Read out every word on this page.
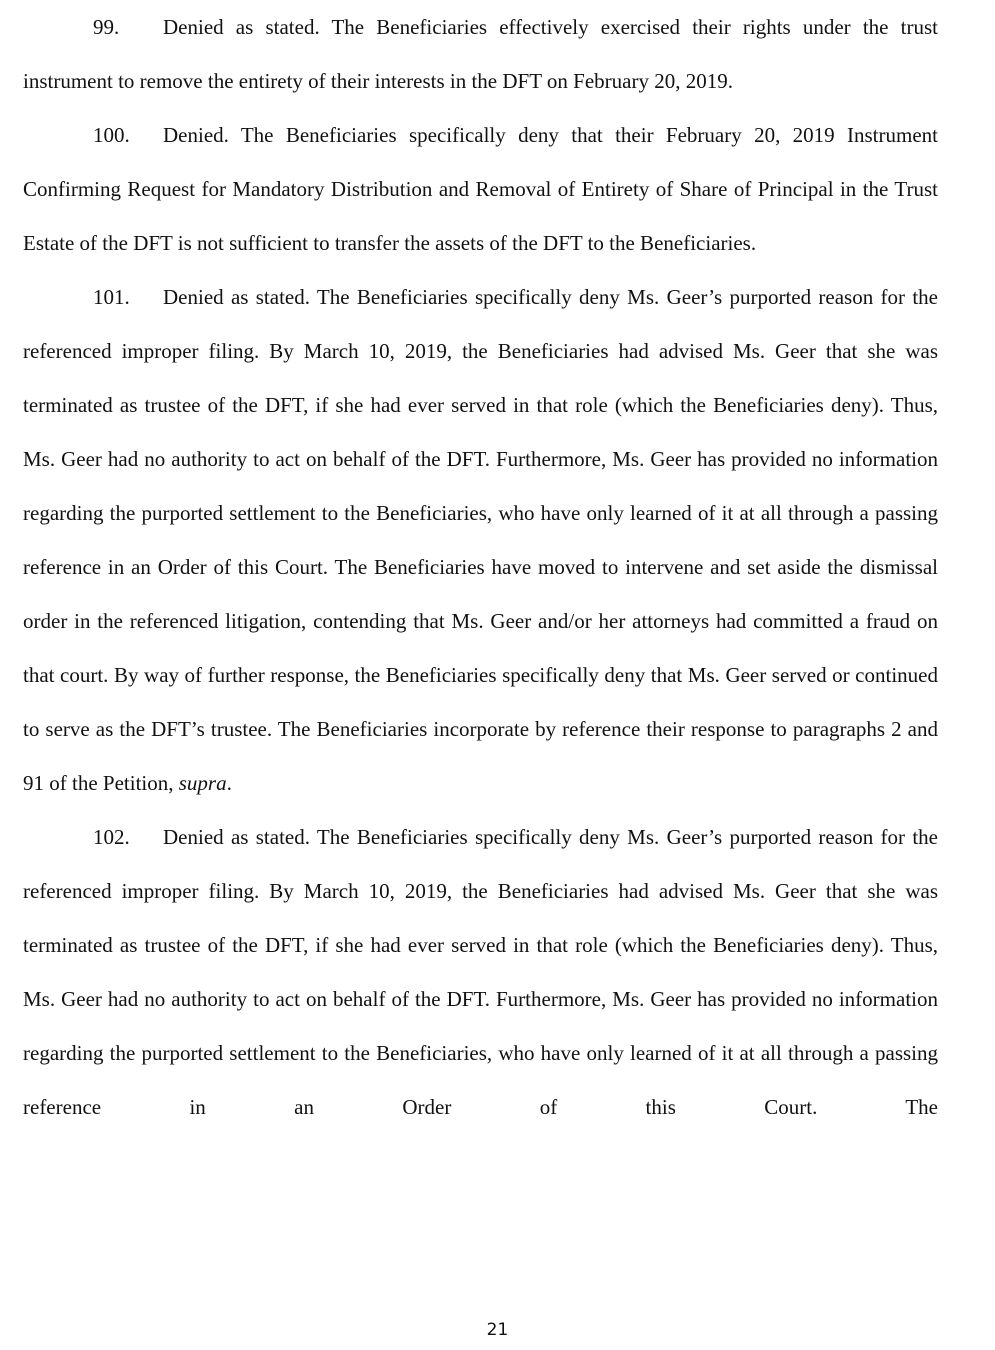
99. Denied as stated. The Beneficiaries effectively exercised their rights under the trust instrument to remove the entirety of their interests in the DFT on February 20, 2019.

100. Denied. The Beneficiaries specifically deny that their February 20, 2019 Instrument Confirming Request for Mandatory Distribution and Removal of Entirety of Share of Principal in the Trust Estate of the DFT is not sufficient to transfer the assets of the DFT to the Beneficiaries.

101. Denied as stated. The Beneficiaries specifically deny Ms. Geer’s purported reason for the referenced improper filing. By March 10, 2019, the Beneficiaries had advised Ms. Geer that she was terminated as trustee of the DFT, if she had ever served in that role (which the Beneficiaries deny). Thus, Ms. Geer had no authority to act on behalf of the DFT. Furthermore, Ms. Geer has provided no information regarding the purported settlement to the Beneficiaries, who have only learned of it at all through a passing reference in an Order of this Court. The Beneficiaries have moved to intervene and set aside the dismissal order in the referenced litigation, contending that Ms. Geer and/or her attorneys had committed a fraud on that court. By way of further response, the Beneficiaries specifically deny that Ms. Geer served or continued to serve as the DFT’s trustee. The Beneficiaries incorporate by reference their response to paragraphs 2 and 91 of the Petition, supra.

102. Denied as stated. The Beneficiaries specifically deny Ms. Geer’s purported reason for the referenced improper filing. By March 10, 2019, the Beneficiaries had advised Ms. Geer that she was terminated as trustee of the DFT, if she had ever served in that role (which the Beneficiaries deny). Thus, Ms. Geer had no authority to act on behalf of the DFT. Furthermore, Ms. Geer has provided no information regarding the purported settlement to the Beneficiaries, who have only learned of it at all through a passing reference in an Order of this Court. The

21
